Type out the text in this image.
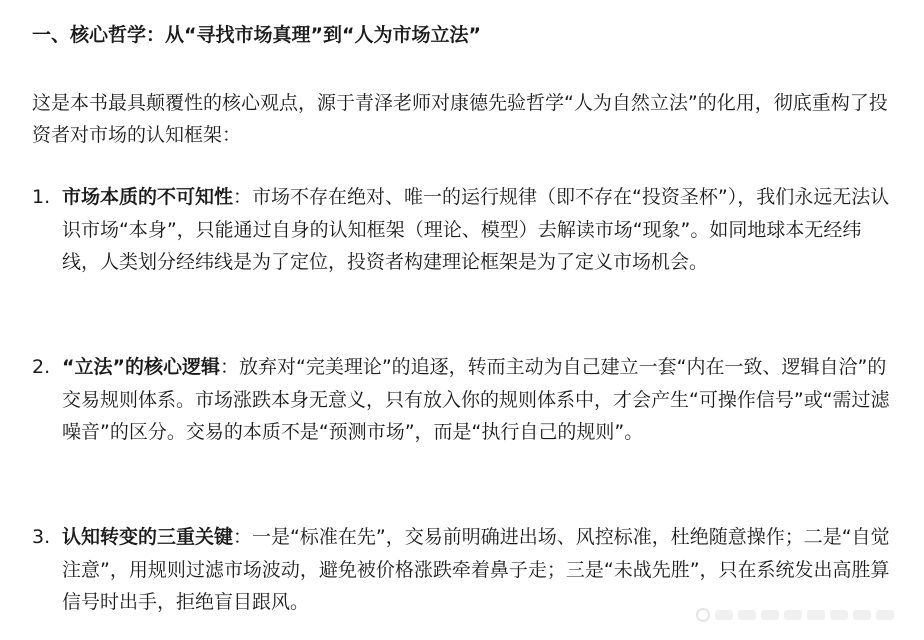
一、核心哲学：从“寻找市场真理”到“人为市场立法”
这是本书最具颠覆性的核心观点，源于青泽老师对康德先验哲学“人为自然立法”的化用，彻底重构了投资者对市场的认知框架：
1. 市场本质的不可知性：市场不存在绝对、唯一的运行规律（即不存在“投资圣杯”），我们永远无法认识市场“本身”，只能通过自身的认知框架（理论、模型）去解读市场“现象”。如同地球本无经纬线，人类划分经纬线是为了定位，投资者构建理论框架是为了定义市场机会。
2. “立法”的核心逻辑：放弃对“完美理论”的追逐，转而主动为自己建立一套“内在一致、逻辑自洽”的交易规则体系。市场涨跌本身无意义，只有放入你的规则体系中，才会产生“可操作信号”或“需过滤噪音”的区分。交易的本质不是“预测市场”，而是“执行自己的规则”。
3. 认知转变的三重关键：一是“标准在先”，交易前明确进出场、风控标准，杜绝随意操作；二是“自觉注意”，用规则过滤市场波动，避免被价格涨跌牵着鼻子走；三是“未战先胜”，只在系统发出高胜算信号时出手，拒绝盲目跟风。
